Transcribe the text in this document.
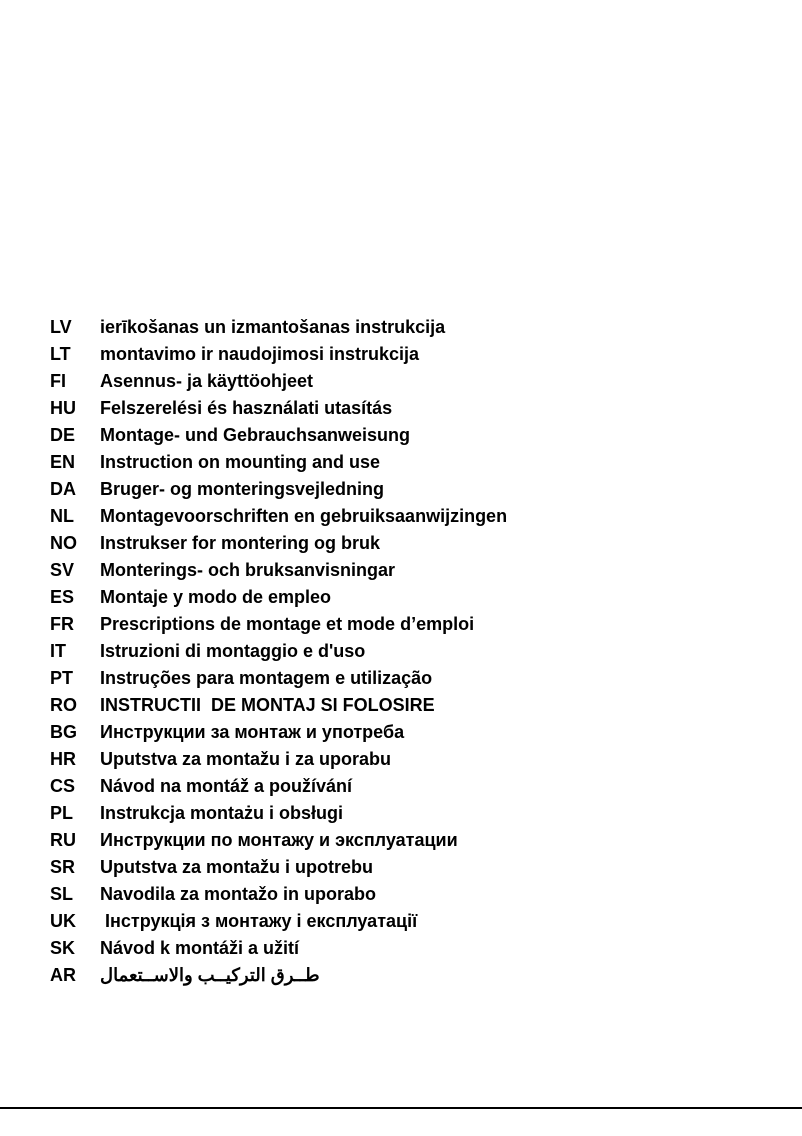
LV	ierīkošanas un izmantošanas instrukcija
LT	montavimo ir naudojimosi instrukcija
FI	Asennus- ja käyttöohjeet
HU	Felszerelési és használati utasítás
DE	Montage- und Gebrauchsanweisung
EN	Instruction on mounting and use
DA	Bruger- og monteringsvejledning
NL	Montagevoorschriften en gebruiksaanwijzingen
NO	Instrukser for montering og bruk
SV	Monterings- och bruksanvisningar
ES	Montaje y modo de empleo
FR	Prescriptions de montage et mode d’emploi
IT	Istruzioni di montaggio e d'uso
PT	Instruções para montagem e utilização
RO	INSTRUCTII  DE MONTAJ SI FOLOSIRE
BG	Инструкции за монтаж и употреба
HR	Uputstva za montažu i za uporabu
CS	Návod na montáž a používání
PL	Instrukcja montażu i obsługi
RU	Инструкции по монтажу и эксплуатации
SR	Uputstva za montažu i upotrebu
SL	Navodila za montažo in uporabo
UK	Інструкція з монтажу і експлуатації
SK	Návod k montáži a užití
AR	طــرق التركيــب والاســتعمال
